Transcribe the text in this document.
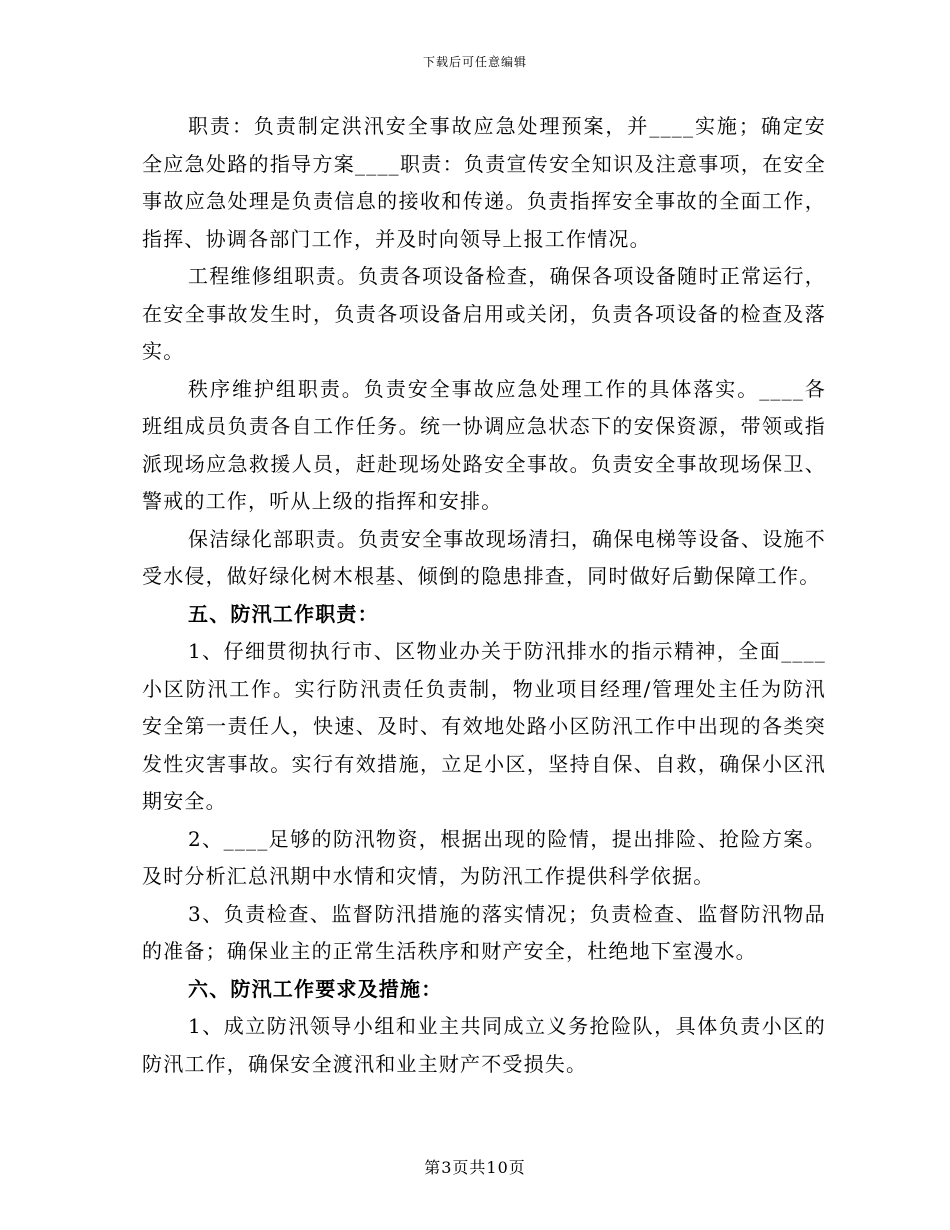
下载后可任意编辑

职责：负责制定洪汛安全事故应急处理预案，并____实施；确定安全应急处路的指导方案____职责：负责宣传安全知识及注意事项，在安全事故应急处理是负责信息的接收和传递。负责指挥安全事故的全面工作，指挥、协调各部门工作，并及时向领导上报工作情况。

工程维修组职责。负责各项设备检查，确保各项设备随时正常运行，在安全事故发生时，负责各项设备启用或关闭，负责各项设备的检查及落实。

秩序维护组职责。负责安全事故应急处理工作的具体落实。____各班组成员负责各自工作任务。统一协调应急状态下的安保资源，带领或指派现场应急救援人员，赶赴现场处路安全事故。负责安全事故现场保卫、警戒的工作，听从上级的指挥和安排。

保洁绿化部职责。负责安全事故现场清扫，确保电梯等设备、设施不受水侵，做好绿化树木根基、倾倒的隐患排查，同时做好后勤保障工作。

五、防汛工作职责：

1、仔细贯彻执行市、区物业办关于防汛排水的指示精神，全面____小区防汛工作。实行防汛责任负责制，物业项目经理/管理处主任为防汛安全第一责任人，快速、及时、有效地处路小区防汛工作中出现的各类突发性灾害事故。实行有效措施，立足小区，坚持自保、自救，确保小区汛期安全。

2、____足够的防汛物资，根据出现的险情，提出排险、抢险方案。及时分析汇总汛期中水情和灾情，为防汛工作提供科学依据。

3、负责检查、监督防汛措施的落实情况；负责检查、监督防汛物品的准备；确保业主的正常生活秩序和财产安全，杜绝地下室漫水。

六、防汛工作要求及措施：

1、成立防汛领导小组和业主共同成立义务抢险队，具体负责小区的防汛工作，确保安全渡汛和业主财产不受损失。

第3页共10页
